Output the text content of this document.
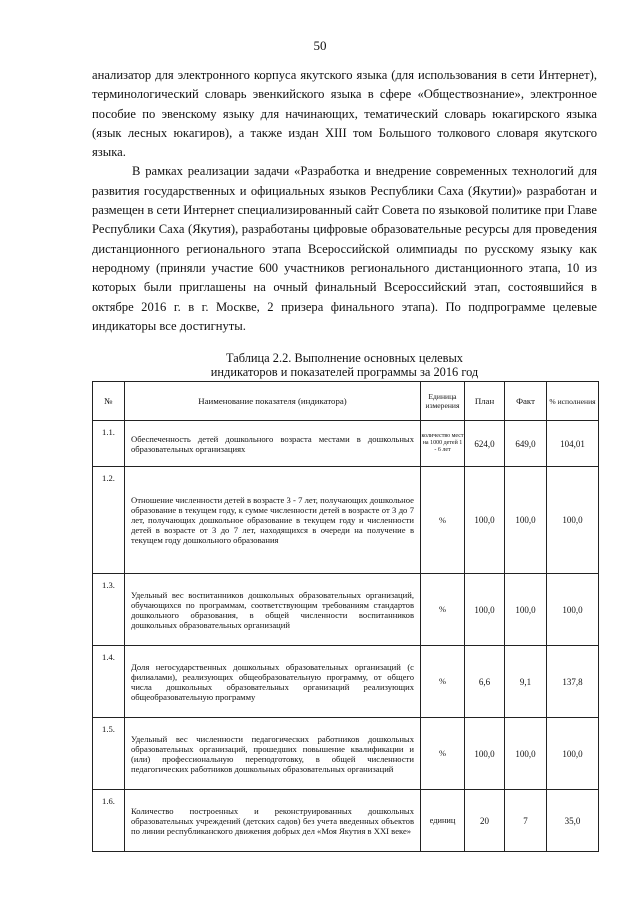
50

анализатор для электронного корпуса якутского языка (для использования в сети Интернет), терминологический словарь эвенкийского языка в сфере «Обществознание», электронное пособие по эвенскому языку для начинающих, тематический словарь юкагирского языка (язык лесных юкагиров), а также издан XIII том Большого толкового словаря якутского языка.

В рамках реализации задачи «Разработка и внедрение современных технологий для развития государственных и официальных языков Республики Саха (Якутии)» разработан и размещен в сети Интернет специализированный сайт Совета по языковой политике при Главе Республики Саха (Якутия), разработаны цифровые образовательные ресурсы для проведения дистанционного регионального этапа Всероссийской олимпиады по русскому языку как неродному (приняли участие 600 участников регионального дистанционного этапа, 10 из которых были приглашены на очный финальный Всероссийский этап, состоявшийся в октябре 2016 г. в г. Москве, 2 призера финального этапа). По подпрограмме целевые индикаторы все достигнуты.

Таблица 2.2. Выполнение основных целевых
индикаторов и показателей программы за 2016 год
№	Наименование показателя (индикатора)	Единица измерения	План	Факт	% исполнения
1.1.	Обеспеченность детей дошкольного возраста местами в дошкольных образовательных организациях	количество мест на 1000 детей 1 - 6 лет	624,0	649,0	104,01
1.2.	Отношение численности детей в возрасте 3 - 7 лет, получающих дошкольное образование в текущем году, к сумме численности детей в возрасте от 3 до 7 лет, получающих дошкольное образование в текущем году и численности детей в возрасте от 3 до 7 лет, находящихся в очереди на получение в текущем году дошкольного образования	%	100,0	100,0	100,0
1.3.	Удельный вес воспитанников дошкольных образовательных организаций, обучающихся по программам, соответствующим требованиям стандартов дошкольного образования, в общей численности воспитанников дошкольных образовательных организаций	%	100,0	100,0	100,0
1.4.	Доля негосударственных дошкольных образовательных организаций (с филиалами), реализующих общеобразовательную программу, от общего числа дошкольных образовательных организаций реализующих общеобразовательную программу	%	6,6	9,1	137,8
1.5.	Удельный вес численности педагогических работников дошкольных образовательных организаций, прошедших повышение квалификации и (или) профессиональную переподготовку, в общей численности педагогических работников дошкольных образовательных организаций	%	100,0	100,0	100,0
1.6.	Количество построенных и реконструированных дошкольных образовательных учреждений (детских садов) без учета введенных объектов по линии республиканского движения добрых дел «Моя Якутия в XXI веке»	единиц	20	7	35,0
